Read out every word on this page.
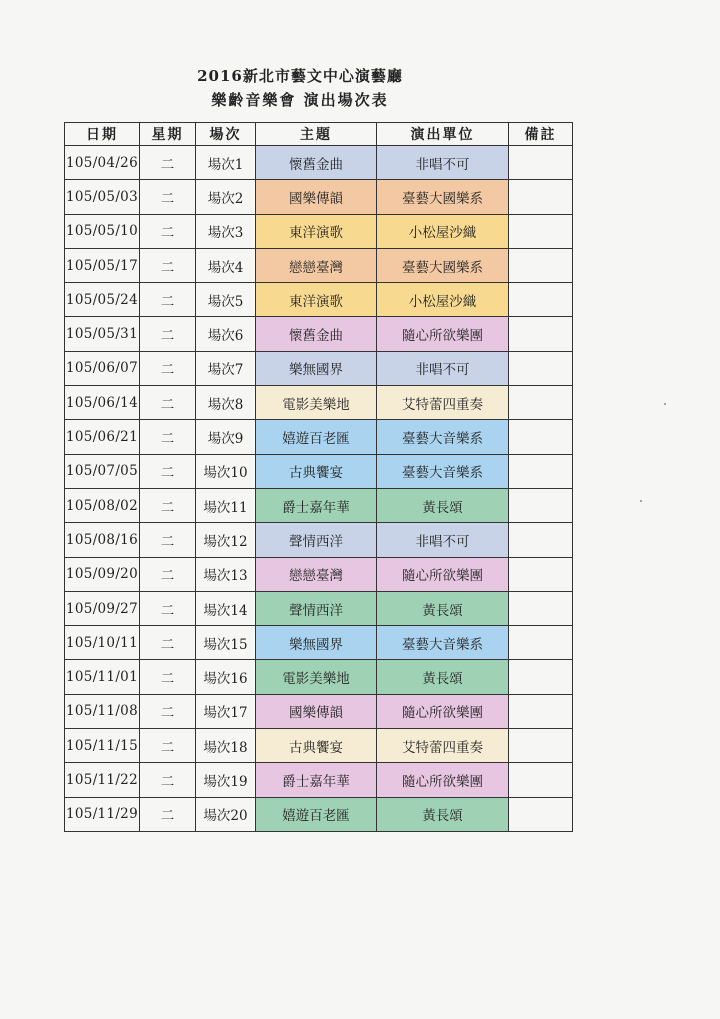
2016新北市藝文中心演藝廳
樂齡音樂會 演出場次表
日期	星期	場次	主題	演出單位	備註
105/04/26	二	場次1	懷舊金曲	非唱不可	
105/05/03	二	場次2	國樂傳韻	臺藝大國樂系	
105/05/10	二	場次3	東洋演歌	小松屋沙織	
105/05/17	二	場次4	戀戀臺灣	臺藝大國樂系	
105/05/24	二	場次5	東洋演歌	小松屋沙織	
105/05/31	二	場次6	懷舊金曲	隨心所欲樂團	
105/06/07	二	場次7	樂無國界	非唱不可	
105/06/14	二	場次8	電影美樂地	艾特蕾四重奏	
105/06/21	二	場次9	嬉遊百老匯	臺藝大音樂系	
105/07/05	二	場次10	古典饗宴	臺藝大音樂系	
105/08/02	二	場次11	爵士嘉年華	黃長頌	
105/08/16	二	場次12	聲情西洋	非唱不可	
105/09/20	二	場次13	戀戀臺灣	隨心所欲樂團	
105/09/27	二	場次14	聲情西洋	黃長頌	
105/10/11	二	場次15	樂無國界	臺藝大音樂系	
105/11/01	二	場次16	電影美樂地	黃長頌	
105/11/08	二	場次17	國樂傳韻	隨心所欲樂團	
105/11/15	二	場次18	古典饗宴	艾特蕾四重奏	
105/11/22	二	場次19	爵士嘉年華	隨心所欲樂團	
105/11/29	二	場次20	嬉遊百老匯	黃長頌	
